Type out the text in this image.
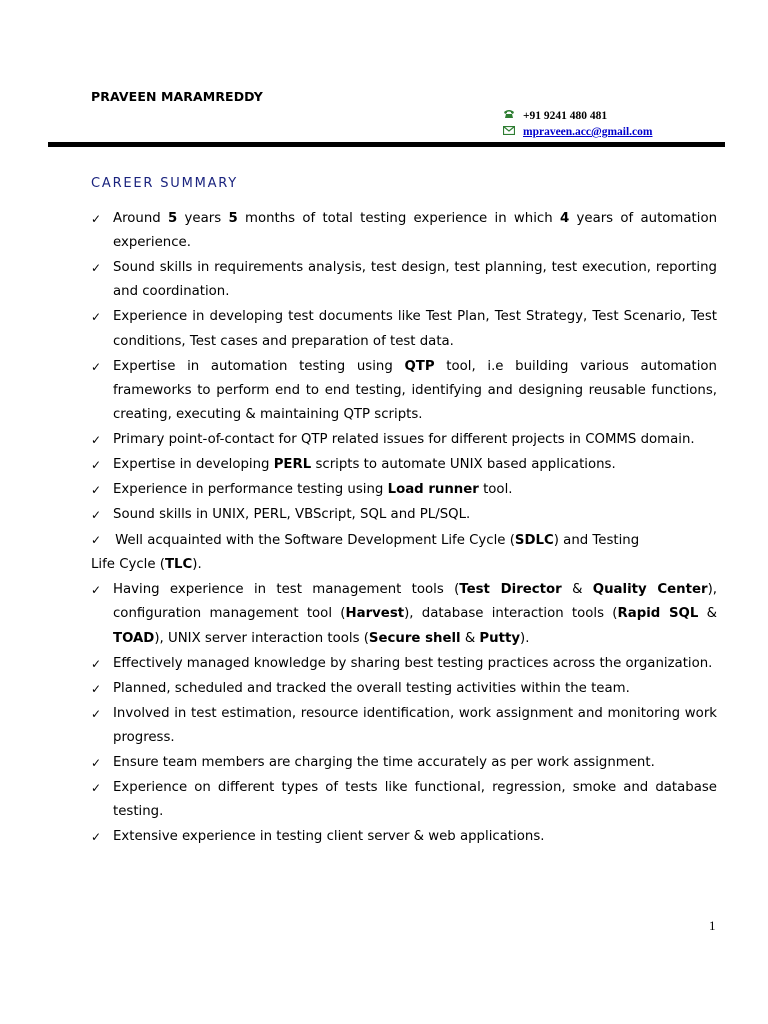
PRAVEEN MARAMREDDY
+91 9241 480 481
mpraveen.acc@gmail.com
CAREER SUMMARY
✓ Around 5 years 5 months of total testing experience in which 4 years of automation experience.
✓ Sound skills in requirements analysis, test design, test planning, test execution, reporting and coordination.
✓ Experience in developing test documents like Test Plan, Test Strategy, Test Scenario, Test conditions, Test cases and preparation of test data.
✓ Expertise in automation testing using QTP tool, i.e building various automation frameworks to perform end to end testing, identifying and designing reusable functions, creating, executing & maintaining QTP scripts.
✓ Primary point-of-contact for QTP related issues for different projects in COMMS domain.
✓ Expertise in developing PERL scripts to automate UNIX based applications.
✓ Experience in performance testing using Load runner tool.
✓ Sound skills in UNIX, PERL, VBScript, SQL and PL/SQL.
✓ Well acquainted with the Software Development Life Cycle (SDLC) and Testing
Life Cycle (TLC).
✓ Having experience in test management tools (Test Director & Quality Center), configuration management tool (Harvest), database interaction tools (Rapid SQL & TOAD), UNIX server interaction tools (Secure shell & Putty).
✓ Effectively managed knowledge by sharing best testing practices across the organization.
✓ Planned, scheduled and tracked the overall testing activities within the team.
✓ Involved in test estimation, resource identification, work assignment and monitoring work progress.
✓ Ensure team members are charging the time accurately as per work assignment.
✓ Experience on different types of tests like functional, regression, smoke and database testing.
✓ Extensive experience in testing client server & web applications.
1
